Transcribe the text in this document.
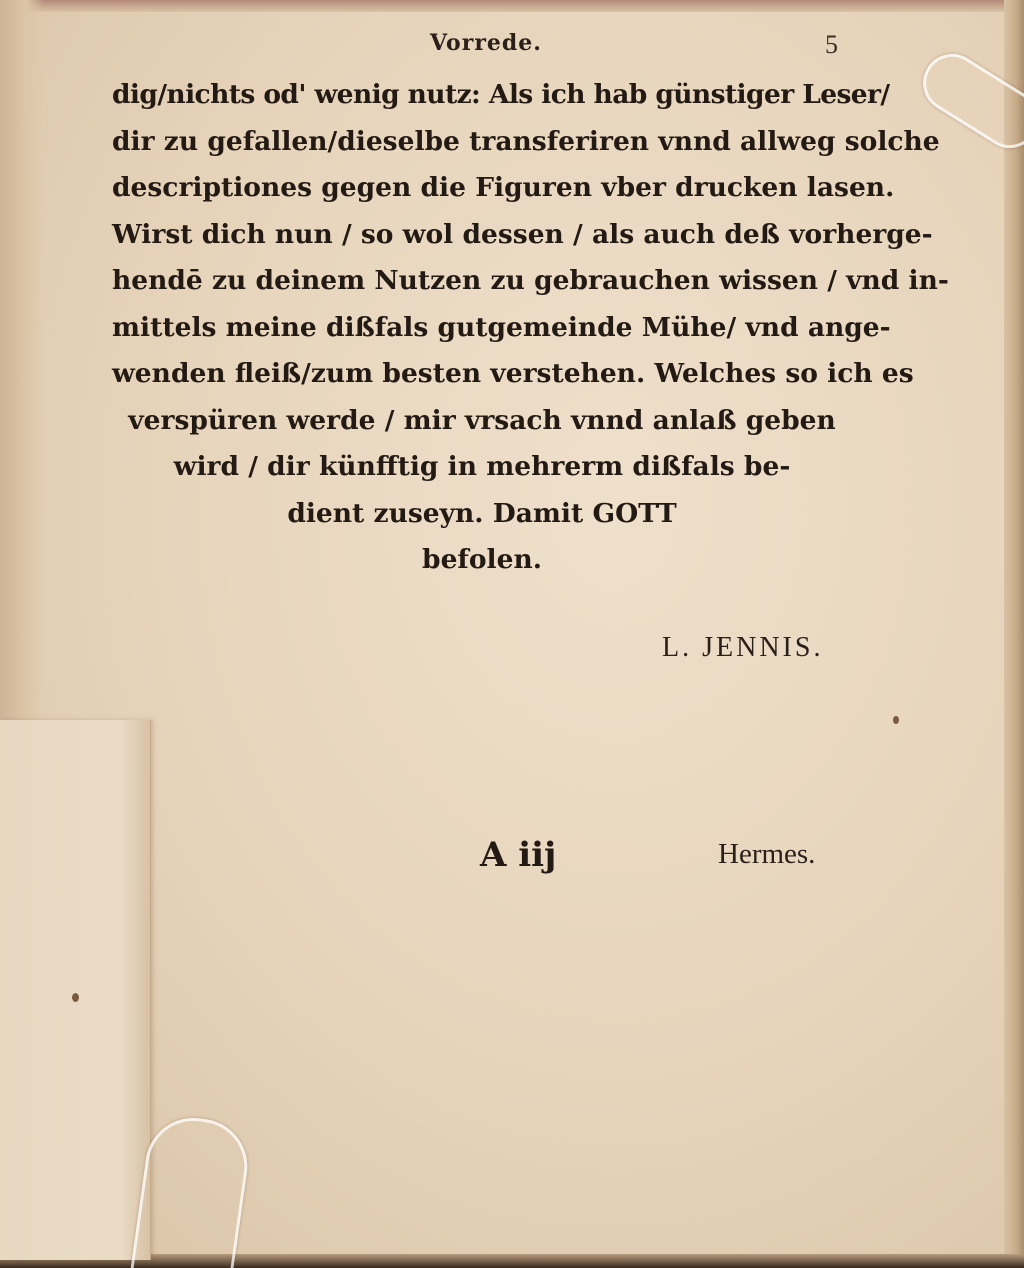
Vorrede.	5
dig/nichts od' wenig nutz: Als ich hab günstiger Leser/
dir zu gefallen/dieselbe transferiren vnnd allweg solche
descriptiones gegen die Figuren vber drucken lasen.
Wirst dich nun / so wol dessen / als auch deß vorherge-
hendē zu deinem Nutzen zu gebrauchen wissen / vnd in-
mittels meine dißfals gutgemeinde Mühe/ vnd ange-
wenden fleiß/zum besten verstehen. Welches so ich es
verspüren werde / mir vrsach vnnd anlaß geben
wird / dir künfftig in mehrerm dißfals be-
dient zuseyn. Damit GOTT
befolen.
L. JENNIS.
A iij	Hermes.
